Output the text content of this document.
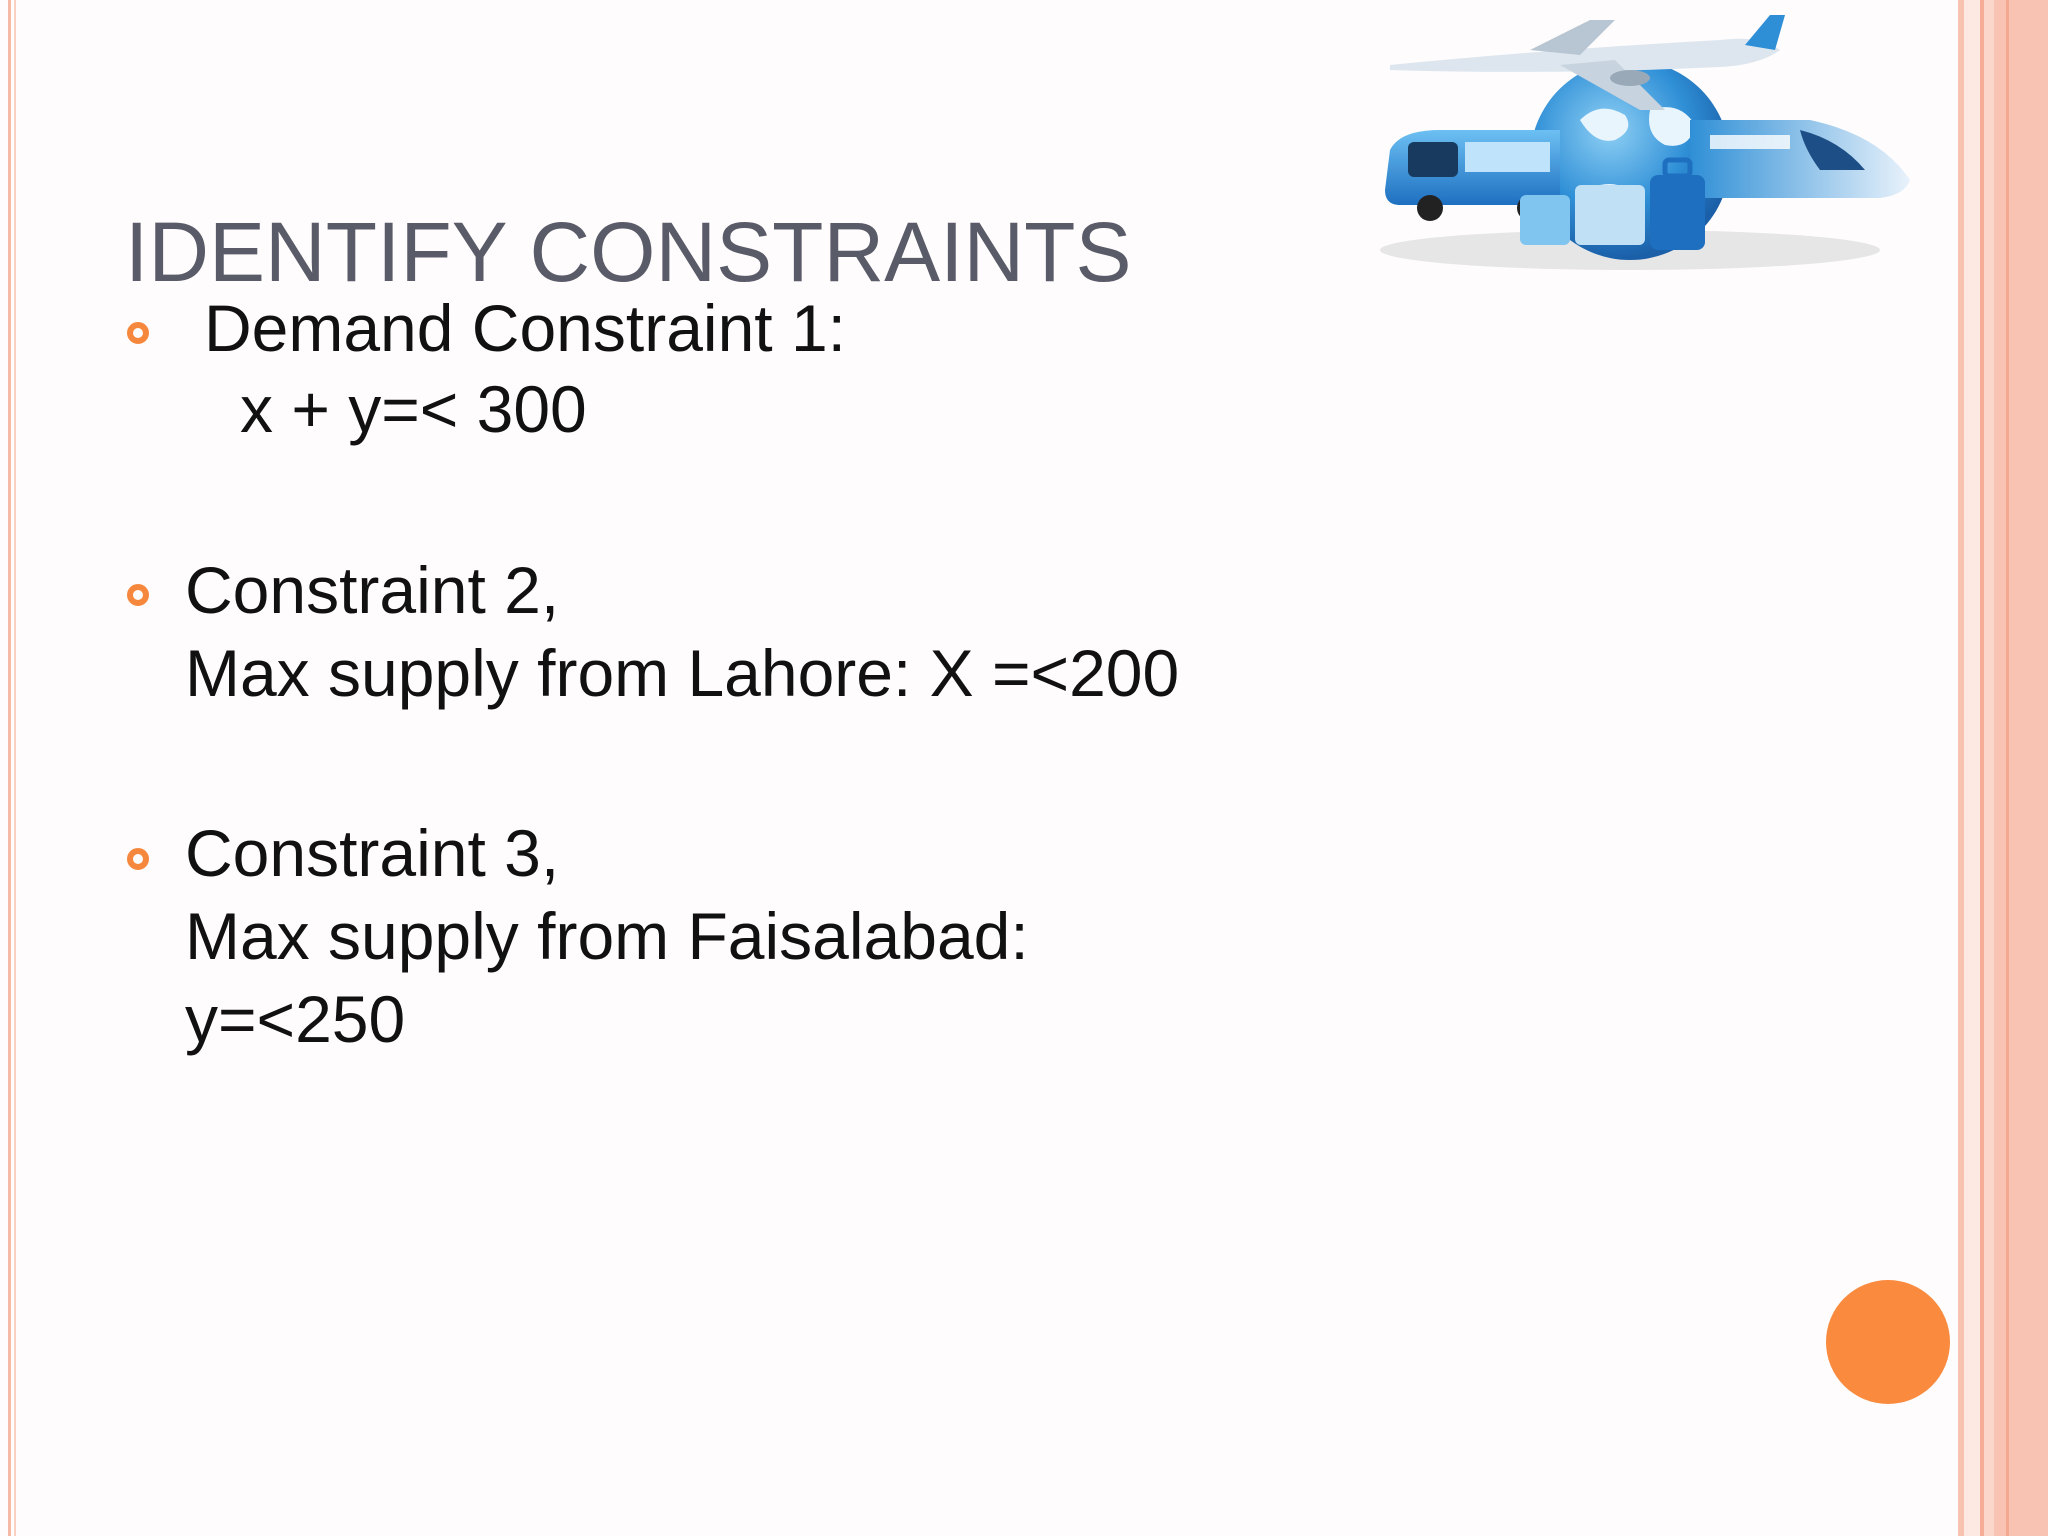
IDENTIFY CONSTRAINTS
Demand Constraint 1:
x + y=< 300
Constraint 2,
Max supply from Lahore: X =<200
Constraint 3,
Max supply from Faisalabad:
y=<250
